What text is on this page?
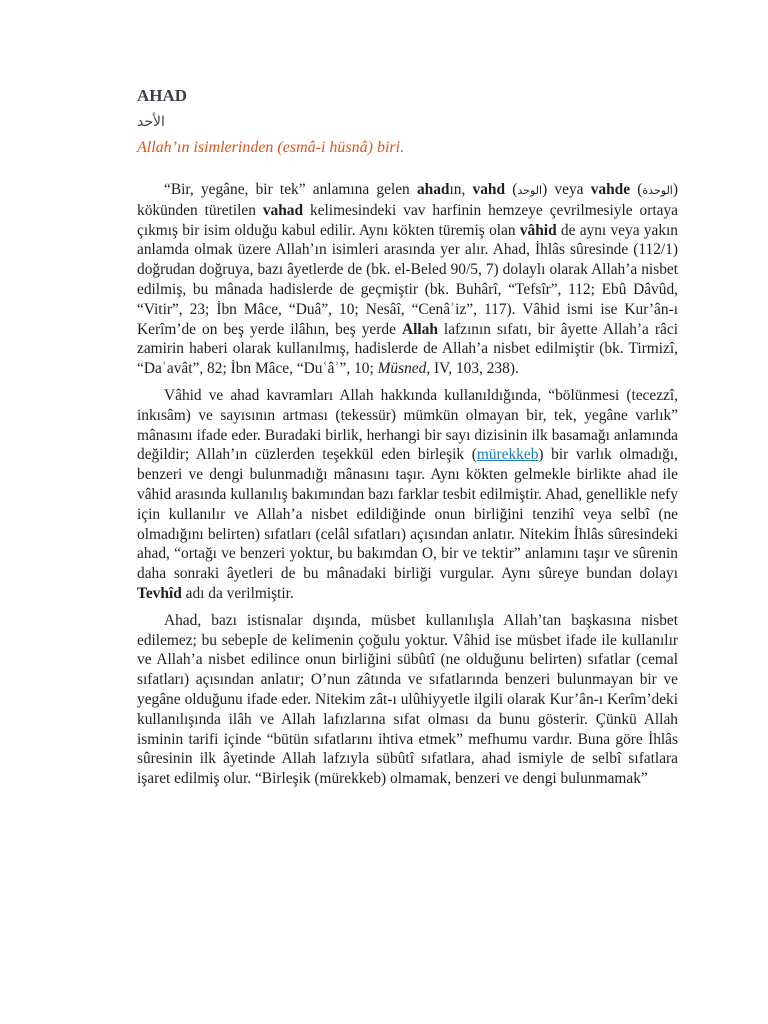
AHAD
الأحد
Allah’ın isimlerinden (esmâ-i hüsnâ) biri.

“Bir, yegâne, bir tek” anlamına gelen ahadın, vahd (الوحد) veya vahde (الوحدة) kökünden türetilen vahad kelimesindeki vav harfinin hemzeye çevrilmesiyle ortaya çıkmış bir isim olduğu kabul edilir. Aynı kökten türemiş olan vâhid de aynı veya yakın anlamda olmak üzere Allah’ın isimleri arasında yer alır. Ahad, İhlâs sûresinde (112/1) doğrudan doğruya, bazı âyetlerde de (bk. el-Beled 90/5, 7) dolaylı olarak Allah’a nisbet edilmiş, bu mânada hadislerde de geçmiştir (bk. Buhârî, “Tefsîr”, 112; Ebû Dâvûd, “Vitir”, 23; İbn Mâce, “Duâ”, 10; Nesâî, “Cenâʾiz”, 117). Vâhid ismi ise Kur’ân-ı Kerîm’de on beş yerde ilâhın, beş yerde Allah lafzının sıfatı, bir âyette Allah’a râci zamirin haberi olarak kullanılmış, hadislerde de Allah’a nisbet edilmiştir (bk. Tirmizî, “Daʿavât”, 82; İbn Mâce, “Duʿâʾ”, 10; Müsned, IV, 103, 238).

Vâhid ve ahad kavramları Allah hakkında kullanıldığında, “bölünmesi (tecezzî, inkısâm) ve sayısının artması (tekessür) mümkün olmayan bir, tek, yegâne varlık” mânasını ifade eder. Buradaki birlik, herhangi bir sayı dizisinin ilk basamağı anlamında değildir; Allah’ın cüzlerden teşekkül eden birleşik (mürekkeb) bir varlık olmadığı, benzeri ve dengi bulunmadığı mânasını taşır. Aynı kökten gelmekle birlikte ahad ile vâhid arasında kullanılış bakımından bazı farklar tesbit edilmiştir. Ahad, genellikle nefy için kullanılır ve Allah’a nisbet edildiğinde onun birliğini tenzihî veya selbî (ne olmadığını belirten) sıfatları (celâl sıfatları) açısından anlatır. Nitekim İhlâs sûresindeki ahad, “ortağı ve benzeri yoktur, bu bakımdan O, bir ve tektir” anlamını taşır ve sûrenin daha sonraki âyetleri de bu mânadaki birliği vurgular. Aynı sûreye bundan dolayı Tevhîd adı da verilmiştir.

Ahad, bazı istisnalar dışında, müsbet kullanılışla Allah’tan başkasına nisbet edilemez; bu sebeple de kelimenin çoğulu yoktur. Vâhid ise müsbet ifade ile kullanılır ve Allah’a nisbet edilince onun birliğini sübûtî (ne olduğunu belirten) sıfatlar (cemal sıfatları) açısından anlatır; O’nun zâtında ve sıfatlarında benzeri bulunmayan bir ve yegâne olduğunu ifade eder. Nitekim zât-ı ulûhiyyetle ilgili olarak Kur’ân-ı Kerîm’deki kullanılışında ilâh ve Allah lafızlarına sıfat olması da bunu gösterir. Çünkü Allah isminin tarifi içinde “bütün sıfatlarını ihtiva etmek” mefhumu vardır. Buna göre İhlâs sûresinin ilk âyetinde Allah lafzıyla sübûtî sıfatlara, ahad ismiyle de selbî sıfatlara işaret edilmiş olur. “Birleşik (mürekkeb) olmamak, benzeri ve dengi bulunmamak”
